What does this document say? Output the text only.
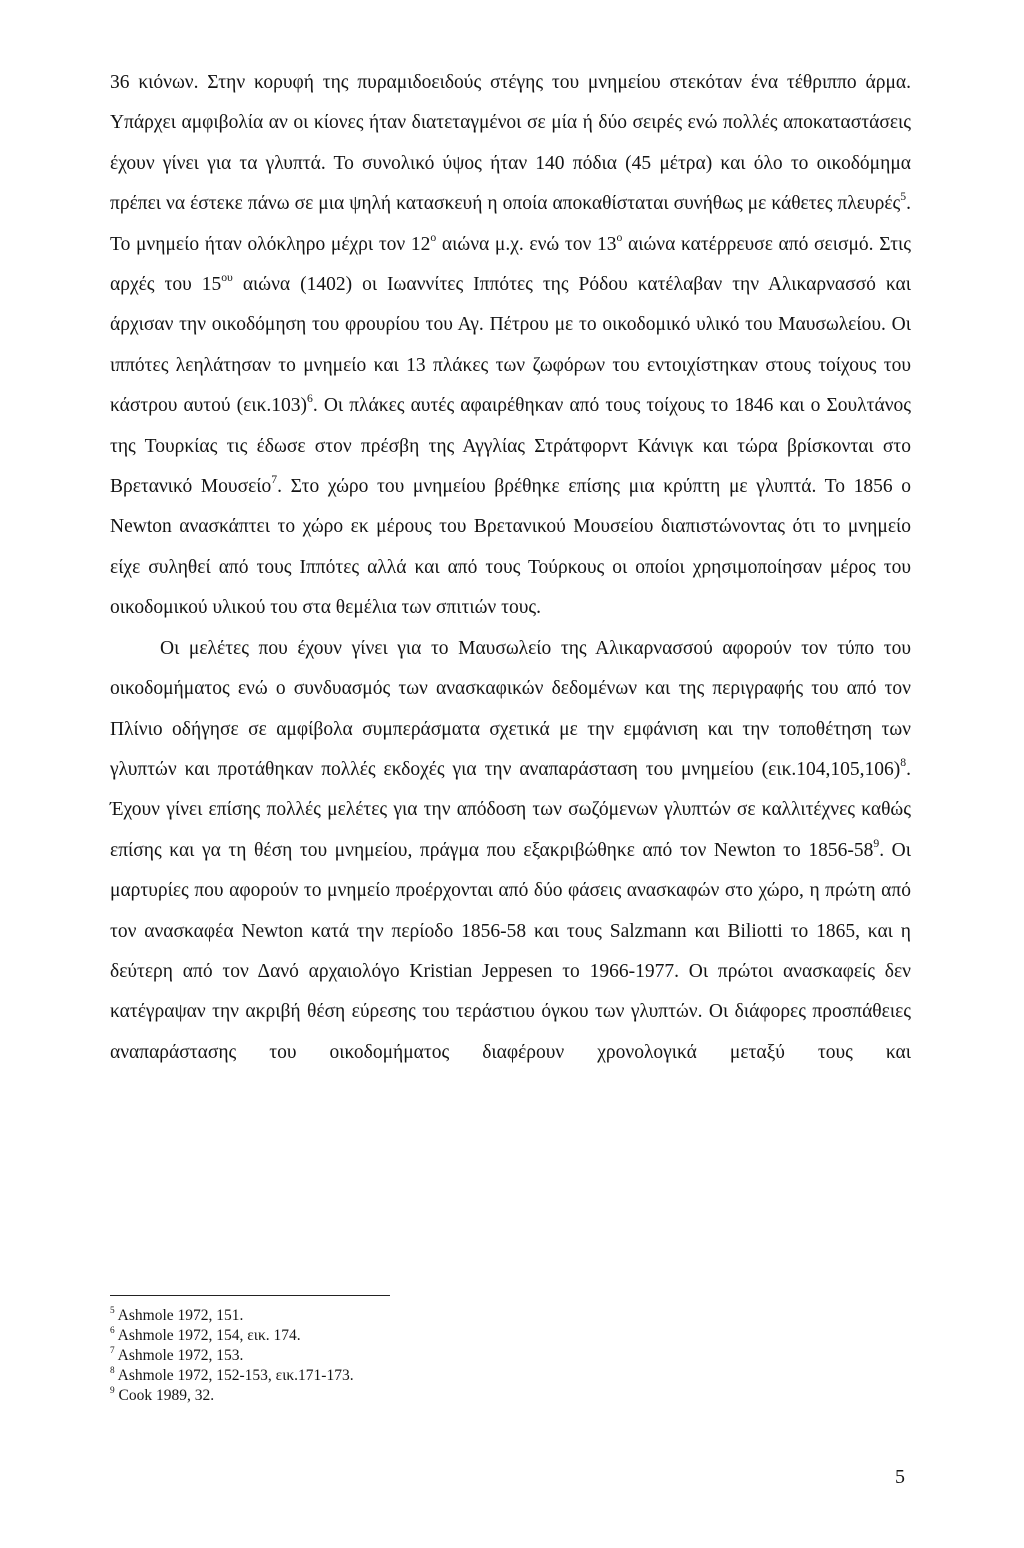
36 κιόνων. Στην κορυφή της πυραμιδοειδούς στέγης του μνημείου στεκόταν ένα τέθριππο άρμα. Υπάρχει αμφιβολία αν οι κίονες ήταν διατεταγμένοι σε μία ή δύο σειρές ενώ πολλές αποκαταστάσεις έχουν γίνει για τα γλυπτά. Το συνολικό ύψος ήταν 140 πόδια (45 μέτρα) και όλο το οικοδόμημα πρέπει να έστεκε πάνω σε μια ψηλή κατασκευή η οποία αποκαθίσταται συνήθως με κάθετες πλευρές$^5$. Το μνημείο ήταν ολόκληρο μέχρι τον $12^o$ αιώνα μ.χ. ενώ τον $13^o$ αιώνα κατέρρευσε από σεισμό. Στις αρχές του $15^{o\upsilon}$ αιώνα (1402) οι Ιωαννίτες Ιππότες της Ρόδου κατέλαβαν την Αλικαρνασσό και άρχισαν την οικοδόμηση του φρουρίου του Αγ. Πέτρου με το οικοδομικό υλικό του Μαυσωλείου. Οι ιππότες λεηλάτησαν το μνημείο και 13 πλάκες των ζωφόρων του εντοιχίστηκαν στους τοίχους του κάστρου αυτού $(\varepsilon\iota\kappa.103)^6$. Οι πλάκες αυτές αφαιρέθηκαν από τους τοίχους το 1846 και ο Σουλτάνος της Τουρκίας τις έδωσε στον πρέσβη της Αγγλίας Στράτφορντ Κάνιγκ και τώρα βρίσκονται στο Βρετανικό Μουσείο$^7$. Στο χώρο του μνημείου βρέθηκε επίσης μια κρύπτη με γλυπτά. Το 1856 ο Newton ανασκάπτει το χώρο εκ μέρους του Βρετανικού Μουσείου διαπιστώνοντας ότι το μνημείο είχε συληθεί από τους Ιππότες αλλά και από τους Τούρκους οι οποίοι χρησιμοποίησαν μέρος του οικοδομικού υλικού του στα θεμέλια των σπιτιών τους.

Οι μελέτες που έχουν γίνει για το Μαυσωλείο της Αλικαρνασσού αφορούν τον τύπο του οικοδομήματος ενώ ο συνδυασμός των ανασκαφικών δεδομένων και της περιγραφής του από τον Πλίνιο οδήγησε σε αμφίβολα συμπεράσματα σχετικά με την εμφάνιση και την τοποθέτηση των γλυπτών και προτάθηκαν πολλές εκδοχές για την αναπαράσταση του μνημείου $(\varepsilon\iota\kappa.104,105,106)^8$. Έχουν γίνει επίσης πολλές μελέτες για την απόδοση των σωζόμενων γλυπτών σε καλλιτέχνες καθώς επίσης και γα τη θέση του μνημείου, πράγμα που εξακριβώθηκε από τον Newton το $1856-58^9$. Οι μαρτυρίες που αφορούν το μνημείο προέρχονται από δύο φάσεις ανασκαφών στο χώρο, η πρώτη από τον ανασκαφέα Newton κατά την περίοδο 1856-58 και τους Salzmann και Biliotti το 1865, και η δεύτερη από τον Δανό αρχαιολόγο Kristian Jeppesen το 1966-1977. Οι πρώτοι ανασκαφείς δεν κατέγραψαν την ακριβή θέση εύρεσης του τεράστιου όγκου των γλυπτών. Οι διάφορες προσπάθειες αναπαράστασης του οικοδομήματος διαφέρουν χρονολογικά μεταξύ τους και

$^5$ Ashmole 1972, 151.
$^6$ Ashmole 1972, 154, εικ. 174.
$^7$ Ashmole 1972, 153.
$^8$ Ashmole 1972, 152-153, εικ.171-173.
$^9$ Cook 1989, 32.
5
